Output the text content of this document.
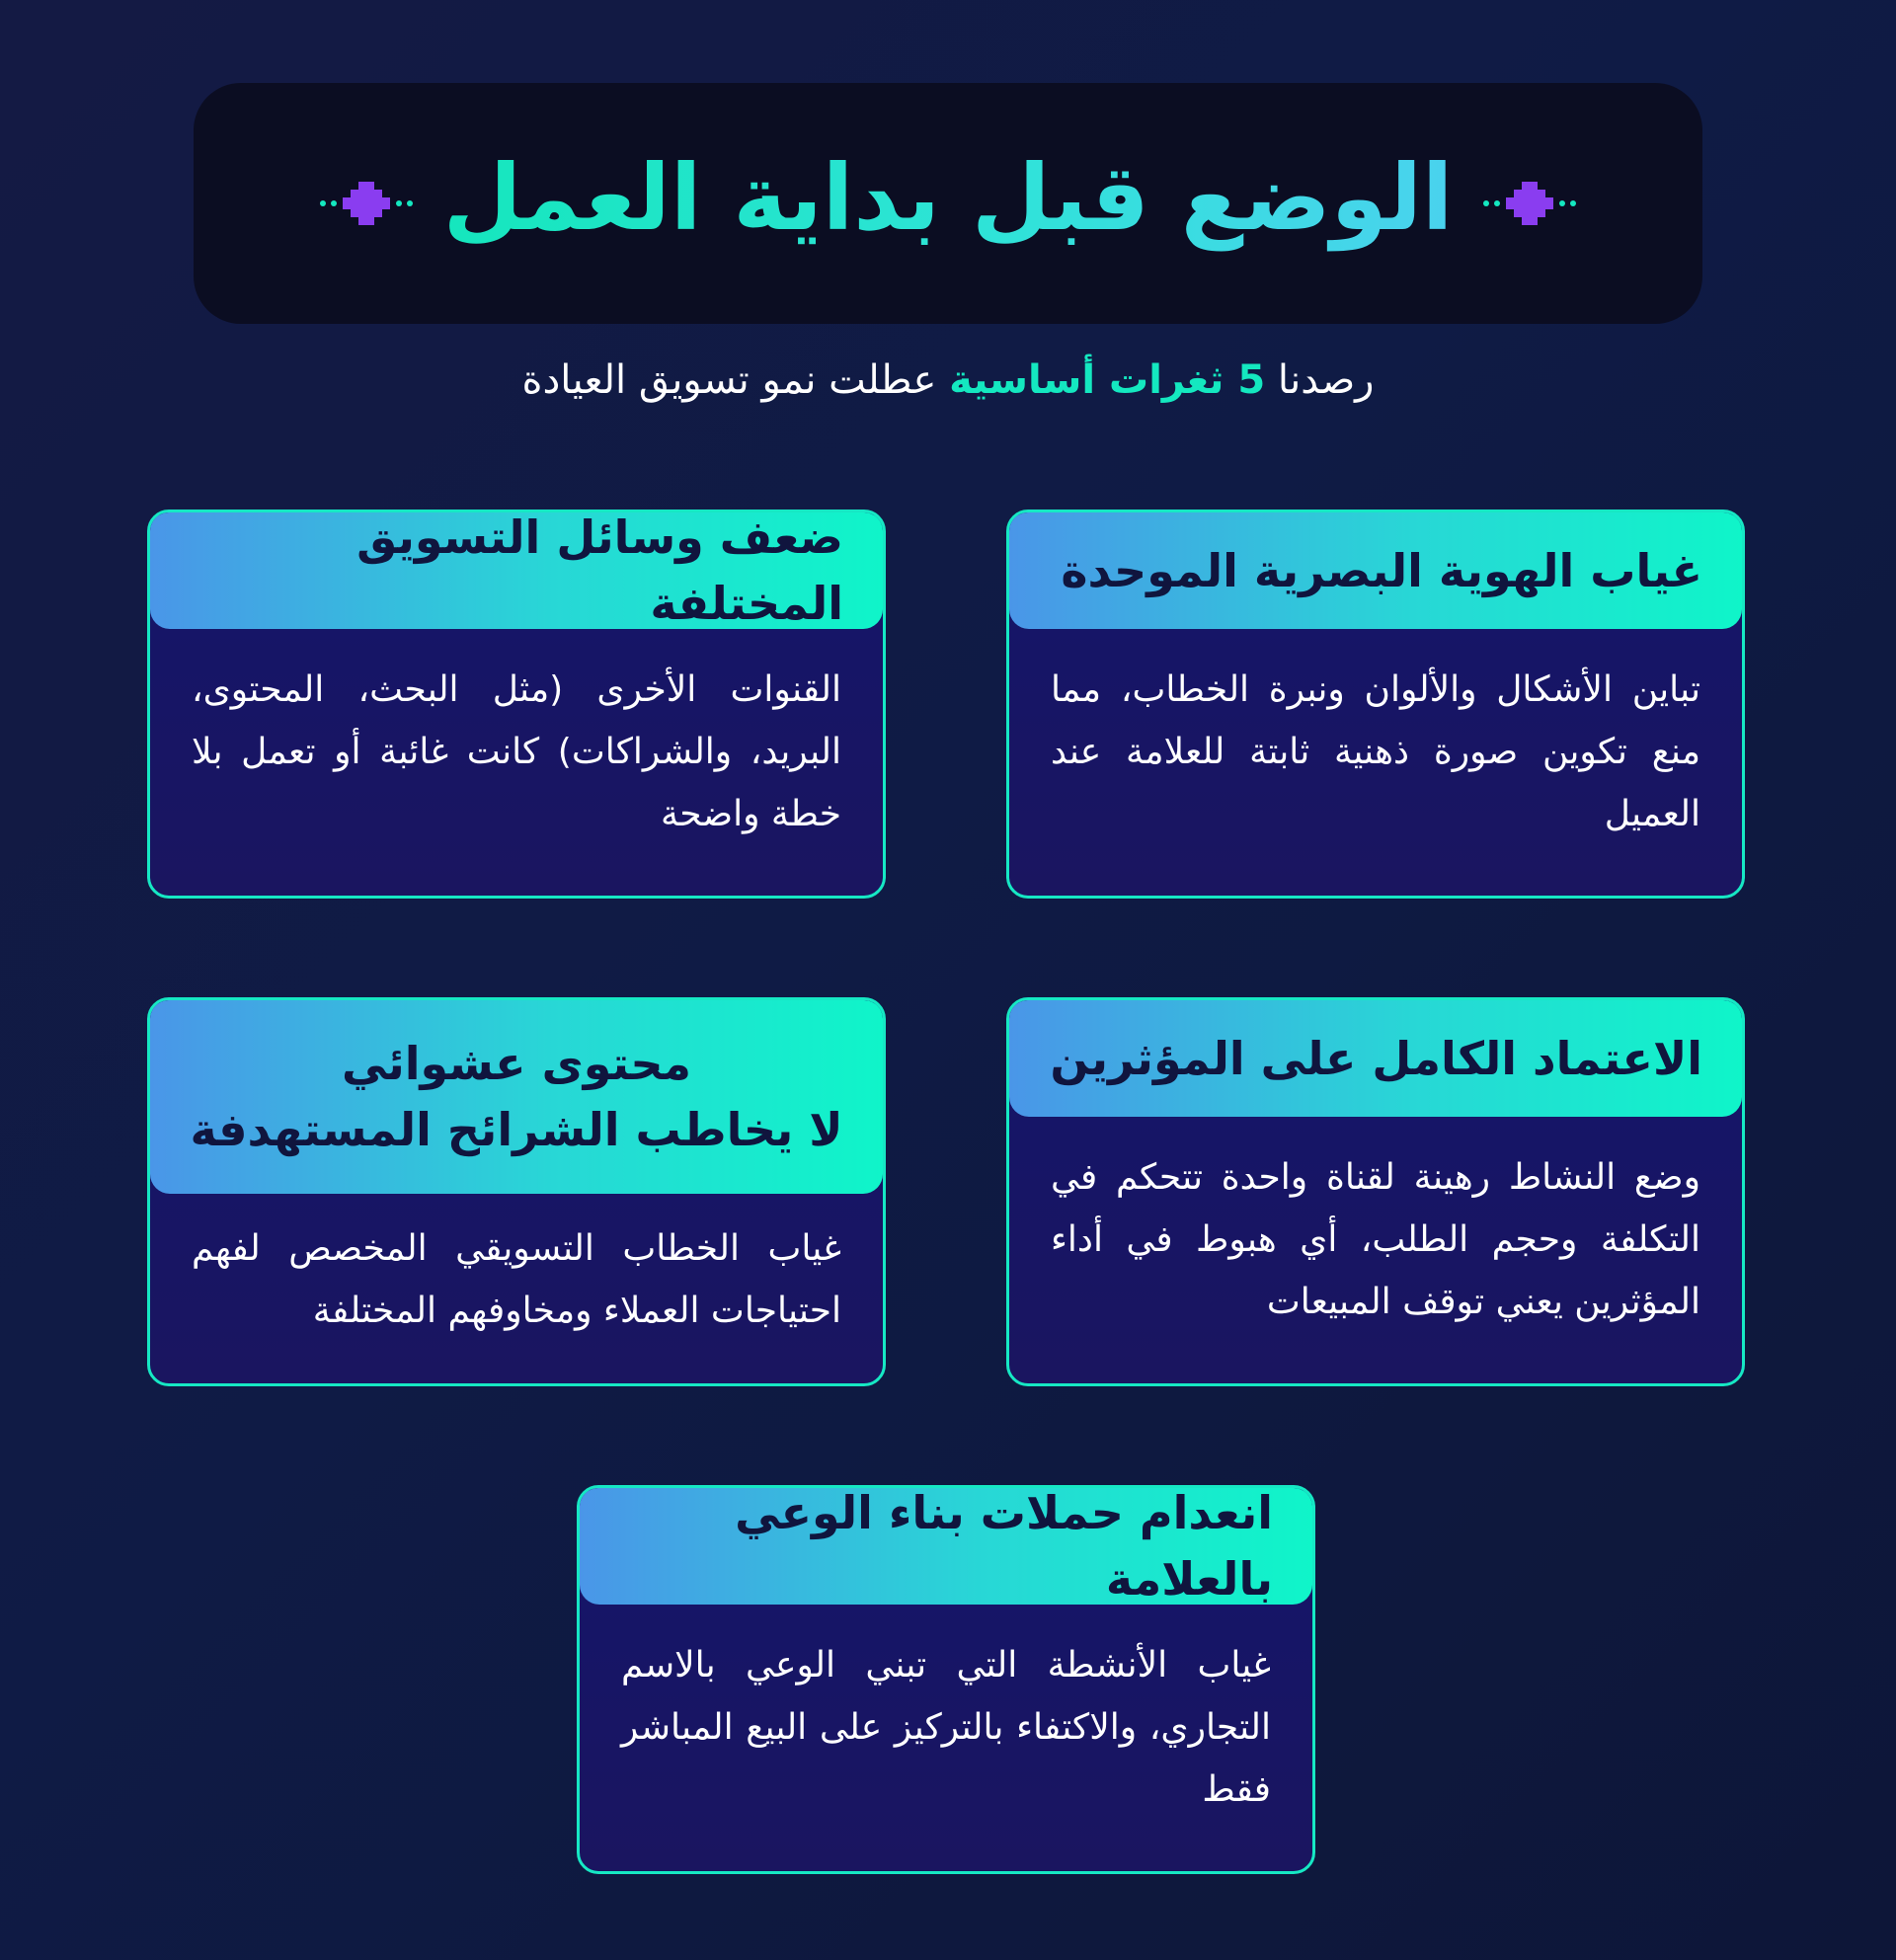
الوضع قبل بداية العمل
رصدنا 5 ثغرات أساسية عطلت نمو تسويق العيادة
غياب الهوية البصرية الموحدة
تباين الأشكال والألوان ونبرة الخطاب، مما منع تكوين صورة ذهنية ثابتة للعلامة عند العميل
ضعف وسائل التسويق المختلفة
القنوات الأخرى (مثل البحث، المحتوى، البريد، والشراكات) كانت غائبة أو تعمل بلا خطة واضحة
الاعتماد الكامل على المؤثرين
وضع النشاط رهينة لقناة واحدة تتحكم في التكلفة وحجم الطلب، أي هبوط في أداء المؤثرين يعني توقف المبيعات
محتوى عشوائي
لا يخاطب الشرائح المستهدفة
غياب الخطاب التسويقي المخصص لفهم احتياجات العملاء ومخاوفهم المختلفة
انعدام حملات بناء الوعي بالعلامة
غياب الأنشطة التي تبني الوعي بالاسم التجاري، والاكتفاء بالتركيز على البيع المباشر فقط
